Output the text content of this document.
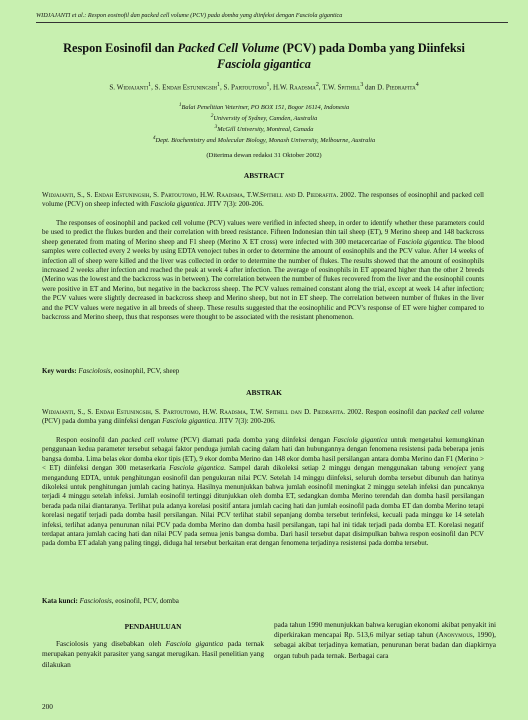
WIDJAJANTI et al.: Respon eosinofil dan packed cell volume (PCV) pada domba yang diinfeksi dengan Fasciola gigantica
Respon Eosinofil dan Packed Cell Volume (PCV) pada Domba yang Diinfeksi
Fasciola gigantica
S. Widjajanti$^1$, S. Endah Estuningsih$^1$, S. Partoutomo$^1$, H.W. Raadsma$^2$, T.W. Spithill$^3$ dan D. Piedrafita$^4$
$^1$Balai Penelitian Veteriner, PO BOX 151, Bogor 16114, Indonesia
$^2$University of Sydney, Camden, Australia
$^3$McGill University, Montreal, Canada
$^4$Dept. Biochemistry and Molecular Biology, Monash University, Melbourne, Australia
(Diterima dewan redaksi 31 Oktober 2002)
ABSTRACT

Widjajanti, S., S. Endah Estuningsih, S. Partoutomo, H.W. Raadsma, T.W.Spithill and D. Piedrafita. 2002. The responses of eosinophil and packed cell volume (PCV) on sheep infected with Fasciola gigantica. JITV 7(3): 200-206.

The responses of eosinophil and packed cell volume (PCV) values were verified in infected sheep, in order to identify whether these parameters could be used to predict the flukes burden and their correlation with breed resistance. Fifteen Indonesian thin tail sheep (ET), 9 Merino sheep and 148 backcross sheep generated from mating of Merino sheep and F1 sheep (Merino X ET cross) were infected with 300 metacercariae of Fasciola gigantica. The blood samples were collected every 2 weeks by using EDTA venoject tubes in order to determine the amount of eosinophils and the PCV value. After 14 weeks of infection all of sheep were killed and the liver was collected in order to determine the number of flukes. The results showed that the amount of eosinophils increased 2 weeks after infection and reached the peak at week 4 after infection. The average of eosinophils in ET appeared higher than the other 2 breeds (Merino was the lowest and the backcross was in between). The correlation between the number of flukes recovered from the liver and the eosinophil counts were positive in ET and Merino, but negative in the backcross sheep. The PCV values remained constant along the trial, except at week 14 after infection; the PCV values were slightly decreased in backcross sheep and Merino sheep, but not in ET sheep. The correlation between number of flukes in the liver and the PCV values were negative in all breeds of sheep. These results suggested that the eosinophilic and PCV's response of ET were higher compared to backcross and Merino sheep, thus that responses were thought to be associated with the resistant phenomenon.

Key words: Fasciolosis, eosinophil, PCV, sheep

ABSTRAK

Widjajanti, S., S. Endah Estuningsih, S. Partoutomo, H.W. Raadsma, T.W. Spithill dan D. Piedrafita. 2002. Respon eosinofil dan packed cell volume (PCV) pada domba yang diinfeksi dengan Fasciola gigantica. JITV 7(3): 200-206.

Respon eosinofil dan packed cell volume (PCV) diamati pada domba yang diinfeksi dengan Fasciola gigantica untuk mengetahui kemungkinan penggunaan kedua parameter tersebut sebagai faktor penduga jumlah cacing dalam hati dan hubungannya dengan fenomena resistensi pada beberapa jenis bangsa domba. Lima belas ekor domba ekor tipis (ET), 9 ekor domba Merino dan 148 ekor domba hasil persilangan antara domba Merino dan F1 (Merino >< ET) diinfeksi dengan 300 metaserkaria Fasciola gigantica. Sampel darah dikoleksi setiap 2 minggu dengan menggunakan tabung venoject yang mengandung EDTA, untuk penghitungan eosinofil dan pengukuran nilai PCV. Setelah 14 minggu diinfeksi, seluruh domba tersebut dibunuh dan hatinya dikoleksi untuk penghitungan jumlah cacing hatinya. Hasilnya menunjukkan bahwa jumlah eosinofil meningkat 2 minggu setelah infeksi dan puncaknya terjadi 4 minggu setelah infeksi. Jumlah eosinofil tertinggi ditunjukkan oleh domba ET, sedangkan domba Merino terendah dan domba hasil persilangan berada pada nilai diantaranya. Terlihat pula adanya korelasi positif antara jumlah cacing hati dan jumlah eosinofil pada domba ET dan domba Merino tetapi korelasi negatif terjadi pada domba hasil persilangan. Nilai PCV terlihat stabil sepanjang domba tersebut terinfeksi, kecuali pada minggu ke 14 setelah infeksi, terlihat adanya penurunan nilai PCV pada domba Merino dan domba hasil persilangan, tapi hal ini tidak terjadi pada domba ET. Korelasi negatif terdapat antara jumlah cacing hati dan nilai PCV pada semua jenis bangsa domba. Dari hasil tersebut dapat disimpulkan bahwa respon eosinofil dan PCV pada domba ET adalah yang paling tinggi, diduga hal tersebut berkaitan erat dengan fenomena terjadinya resistensi pada domba tersebut.

Kata kunci: Fasciolosis, eosinofil, PCV, domba

PENDAHULUAN
Fasciolosis yang disebabkan oleh Fasciola gigantica pada ternak merupakan penyakit parasiter yang sangat merugikan. Hasil penelitian yang dilakukan
pada tahun 1990 menunjukkan bahwa kerugian ekonomi akibat penyakit ini diperkirakan mencapai Rp. 513,6 milyar setiap tahun (Anonymous, 1990), sebagai akibat terjadinya kematian, penurunan berat badan dan diapkirnya organ tubuh pada ternak. Berbagai cara
200
